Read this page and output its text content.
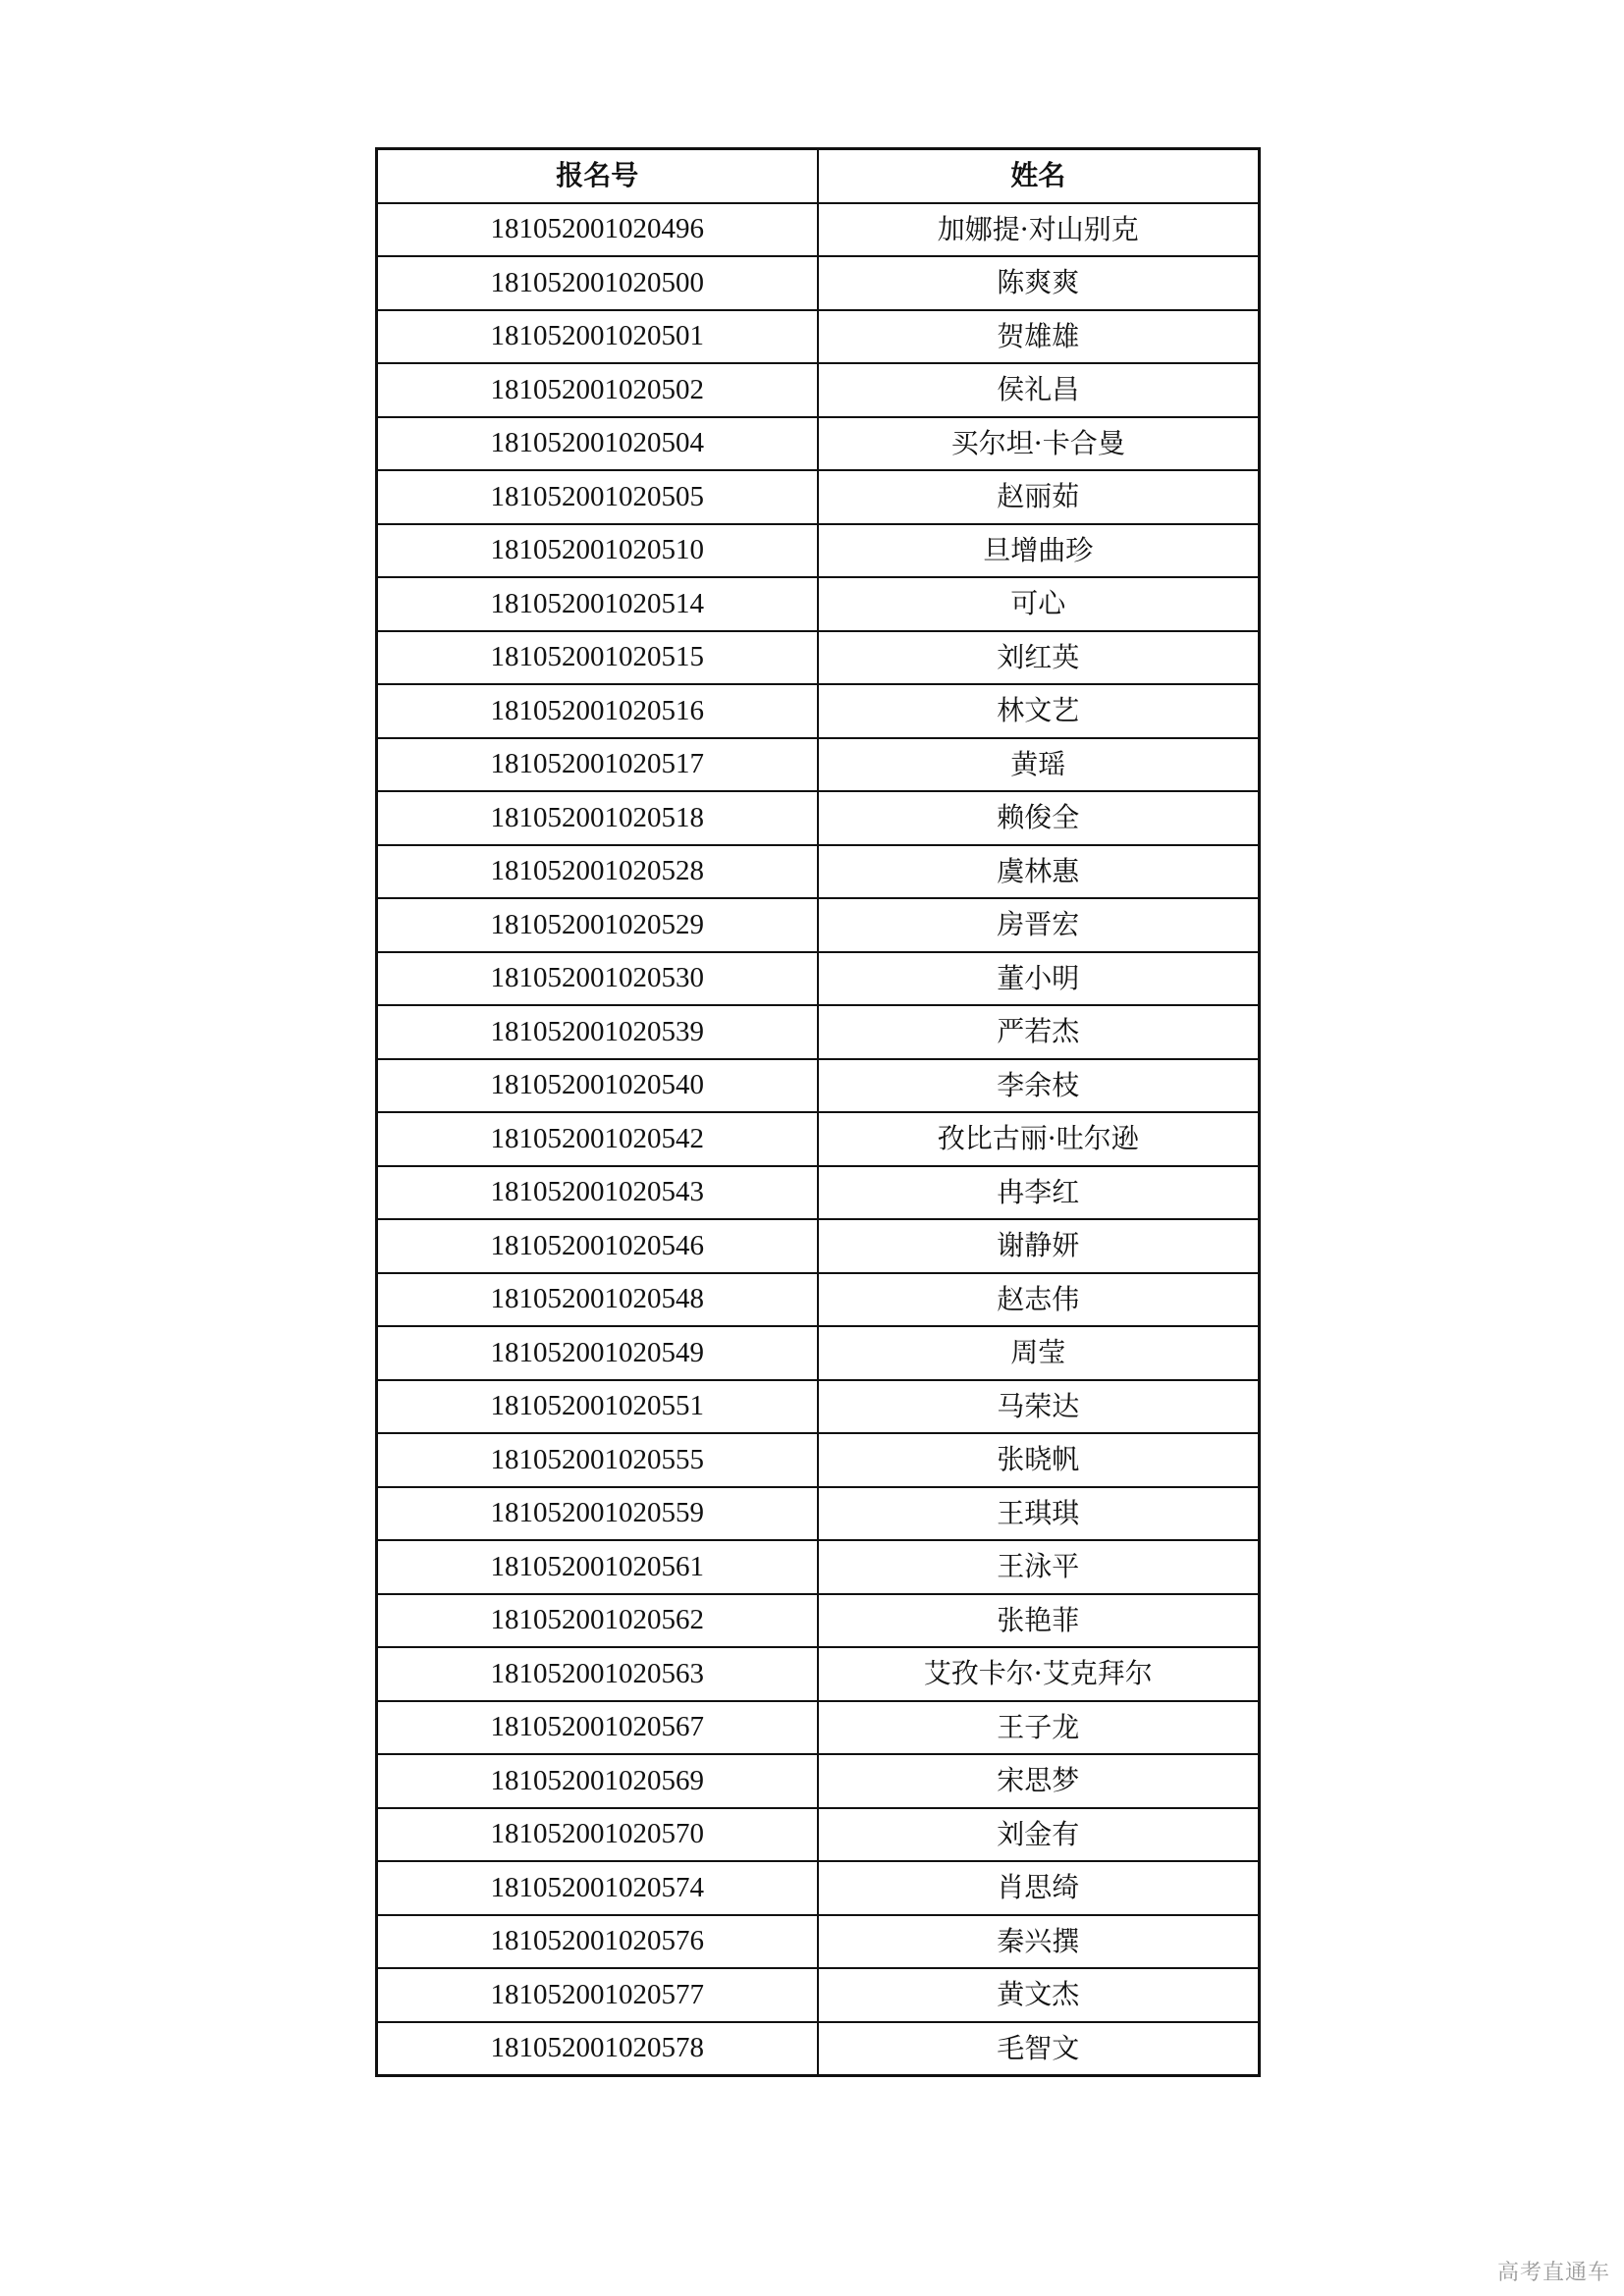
报名号	姓名
181052001020496	加娜提·对山别克
181052001020500	陈爽爽
181052001020501	贺雄雄
181052001020502	侯礼昌
181052001020504	买尔坦·卡合曼
181052001020505	赵丽茹
181052001020510	旦增曲珍
181052001020514	可心
181052001020515	刘红英
181052001020516	林文艺
181052001020517	黄瑶
181052001020518	赖俊全
181052001020528	虞林惠
181052001020529	房晋宏
181052001020530	董小明
181052001020539	严若杰
181052001020540	李余枝
181052001020542	孜比古丽·吐尔逊
181052001020543	冉李红
181052001020546	谢静妍
181052001020548	赵志伟
181052001020549	周莹
181052001020551	马荣达
181052001020555	张晓帆
181052001020559	王琪琪
181052001020561	王泳平
181052001020562	张艳菲
181052001020563	艾孜卡尔·艾克拜尔
181052001020567	王子龙
181052001020569	宋思梦
181052001020570	刘金有
181052001020574	肖思绮
181052001020576	秦兴撰
181052001020577	黄文杰
181052001020578	毛智文
高考直通车
